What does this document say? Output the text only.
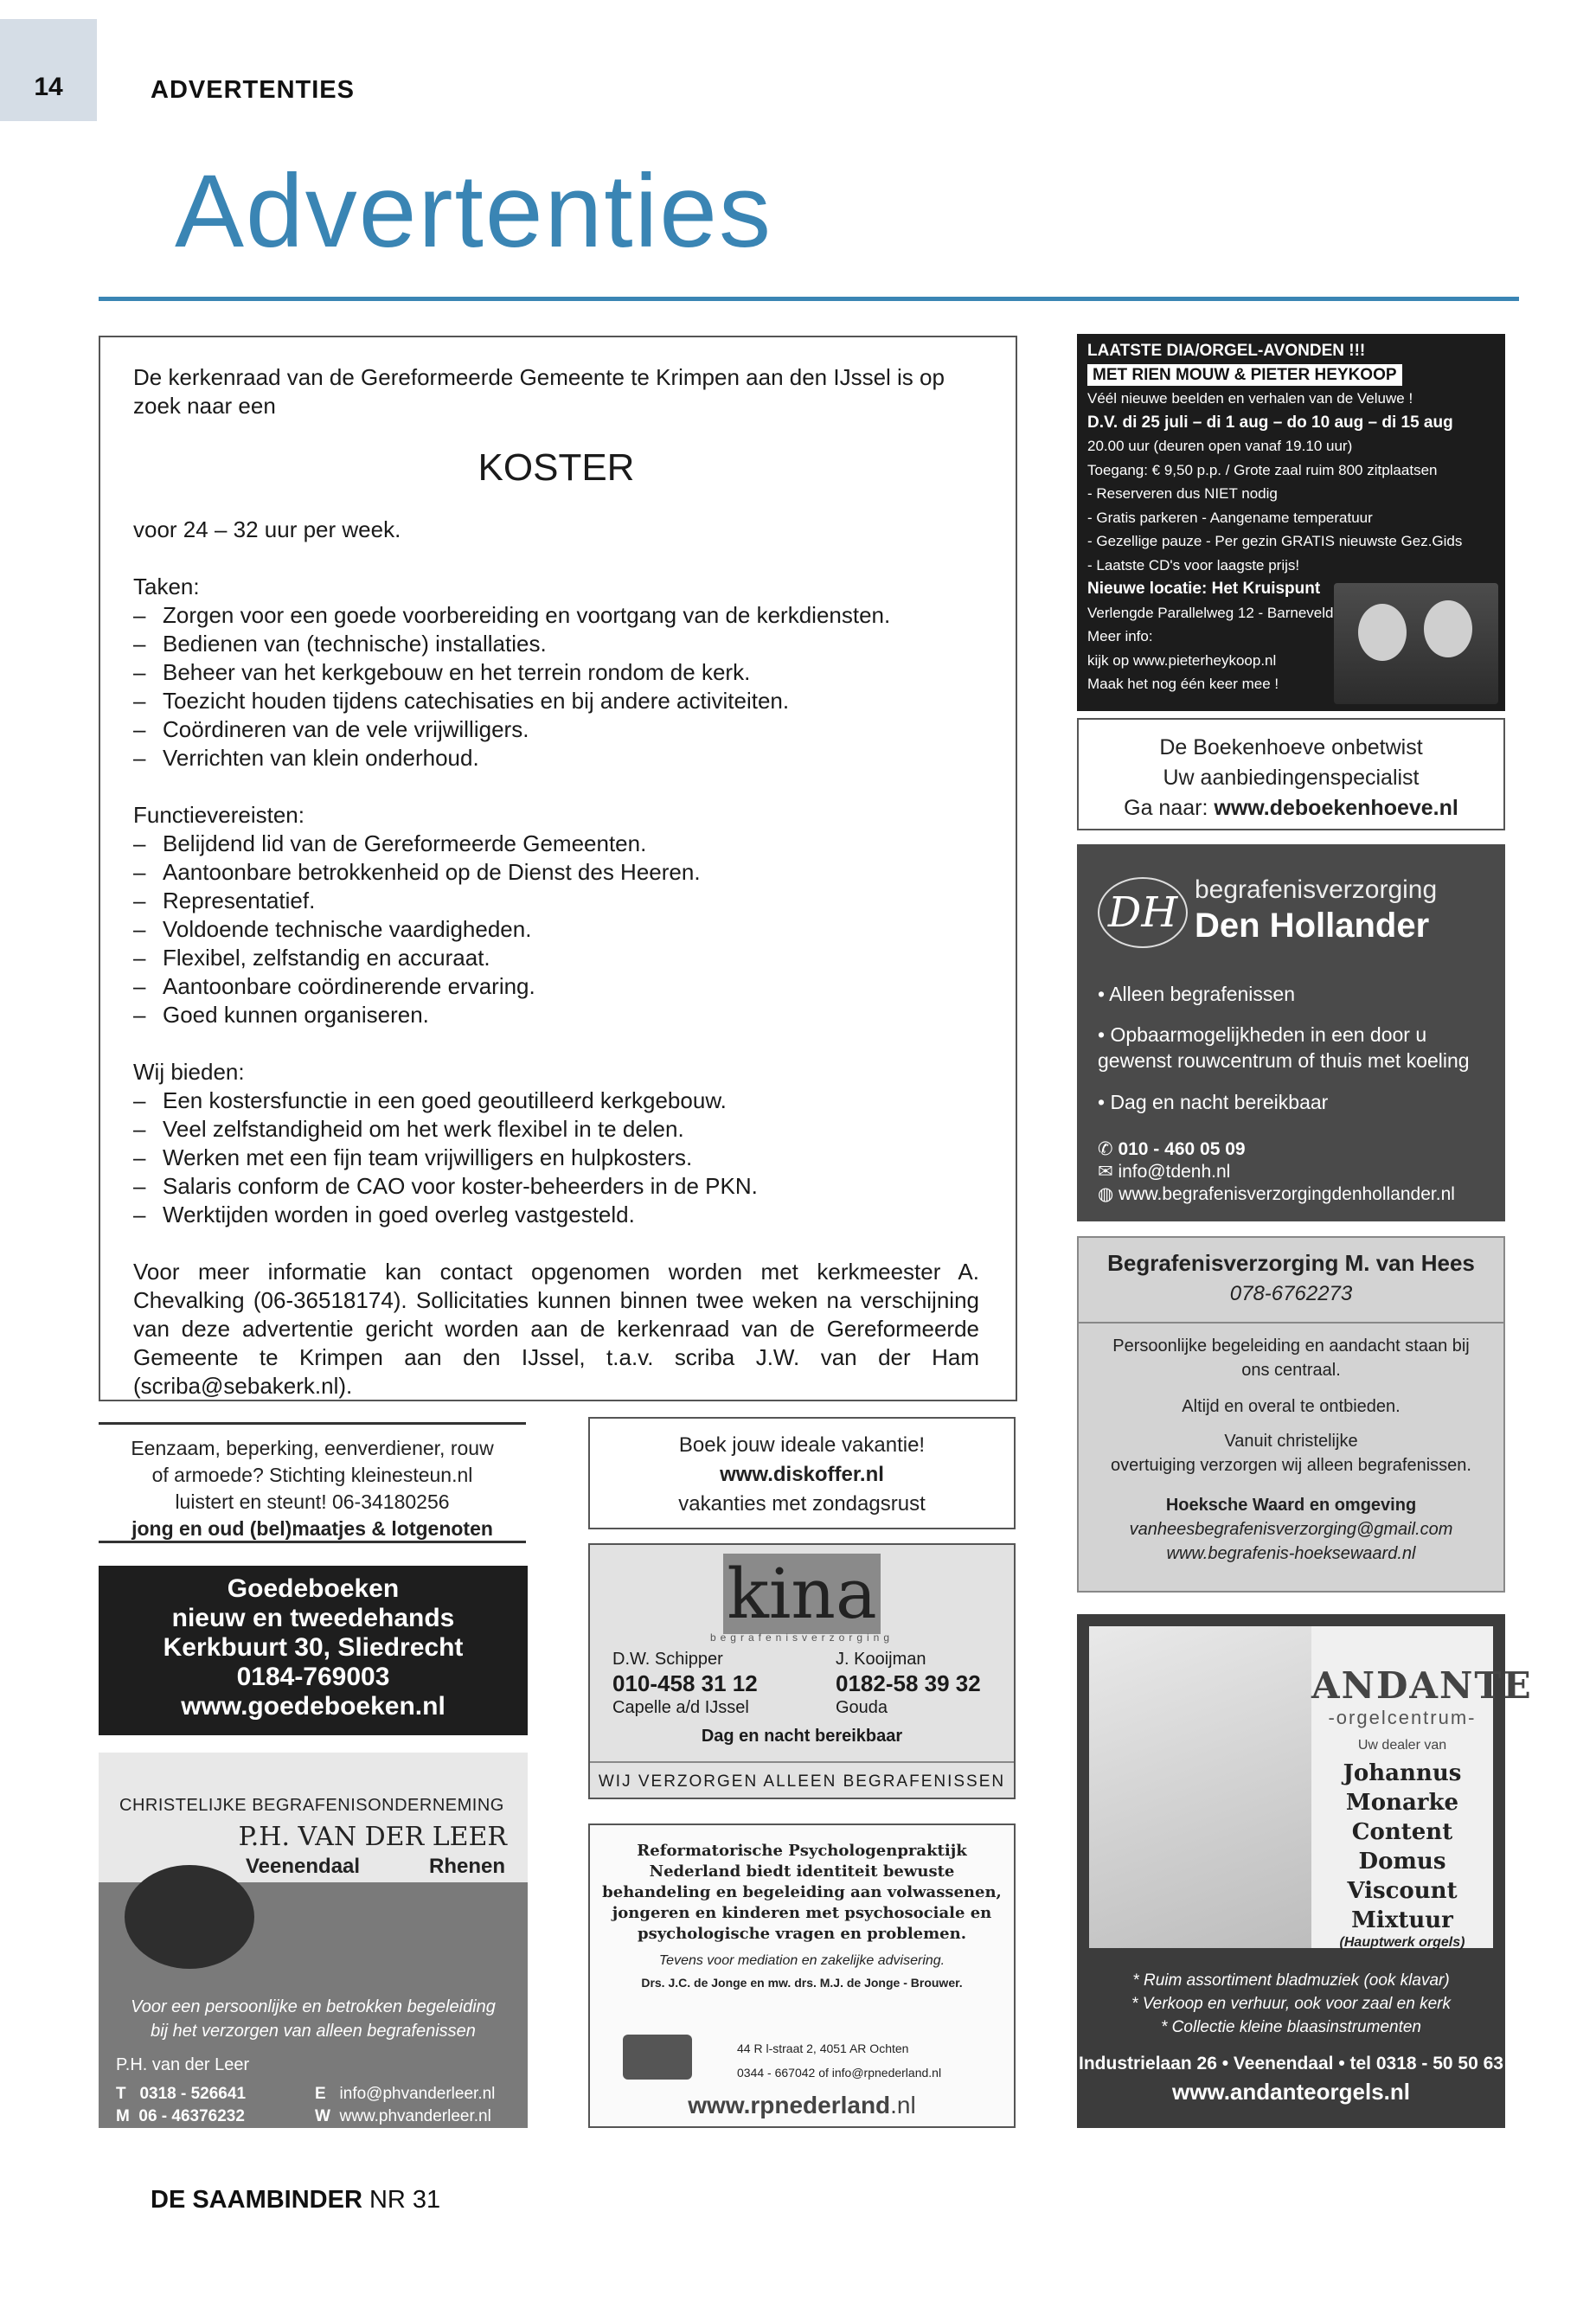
14	ADVERTENTIES
Advertenties

De kerkenraad van de Gereformeerde Gemeente te Krimpen aan den IJssel is op zoek naar een

KOSTER

voor 24 – 32 uur per week.

Taken:

– Zorgen voor een goede voorbereiding en voortgang van de kerkdiensten.
– Bedienen van (technische) installaties.
– Beheer van het kerkgebouw en het terrein rondom de kerk.
– Toezicht houden tijdens catechisaties en bij andere activiteiten.
– Coördineren van de vele vrijwilligers.
– Verrichten van klein onderhoud.

Functievereisten:

– Belijdend lid van de Gereformeerde Gemeenten.
– Aantoonbare betrokkenheid op de Dienst des Heeren.
– Representatief.
– Voldoende technische vaardigheden.
– Flexibel, zelfstandig en accuraat.
– Aantoonbare coördinerende ervaring.
– Goed kunnen organiseren.

Wij bieden:

– Een kostersfunctie in een goed geoutilleerd kerkgebouw.
– Veel zelfstandigheid om het werk flexibel in te delen.
– Werken met een fijn team vrijwilligers en hulpkosters.
– Salaris conform de CAO voor koster-beheerders in de PKN.
– Werktijden worden in goed overleg vastgesteld.

Voor meer informatie kan contact opgenomen worden met kerkmeester A. Chevalking (06-36518174). Sollicitaties kunnen binnen twee weken na verschijning van deze advertentie gericht worden aan de kerkenraad van de Gereformeerde Gemeente te Krimpen aan den IJssel, t.a.v. scriba J.W. van der Ham (scriba@sebakerk.nl).

LAATSTE DIA/ORGEL-AVONDEN !!!
MET RIEN MOUW & PIETER HEYKOOP
Véél nieuwe beelden en verhalen van de Veluwe !
D.V. di 25 juli – di 1 aug – do 10 aug – di 15 aug
20.00 uur (deuren open vanaf 19.10 uur)
Toegang: € 9,50 p.p. / Grote zaal ruim 800 zitplaatsen
- Reserveren dus NIET nodig
- Gratis parkeren - Aangename temperatuur
- Gezellige pauze - Per gezin GRATIS nieuwste Gez.Gids
- Laatste CD's voor laagste prijs!
Nieuwe locatie: Het Kruispunt
Verlengde Parallelweg 12 - Barneveld
Meer info:
kijk op www.pieterheykoop.nl
Maak het nog één keer mee !
De Boekenhoeve onbetwist
Uw aanbiedingenspecialist
Ga naar: www.deboekenhoeve.nl
DH begrafenisverzorging
Den Hollander
• Alleen begrafenissen
• Opbaarmogelijkheden in een door u gewenst rouwcentrum of thuis met koeling
• Dag en nacht bereikbaar
✆ 010 - 460 05 09
✉ info@tdenh.nl
◍ www.begrafenisverzorgingdenhollander.nl
Begrafenisverzorging M. van Hees
078-6762273
Persoonlijke begeleiding en aandacht staan bij
ons centraal.
Altijd en overal te ontbieden.
Vanuit christelijke
overtuiging verzorgen wij alleen begrafenissen.
Hoeksche Waard en omgeving
vanheesbegrafenisverzorging@gmail.com
www.begrafenis-hoeksewaard.nl
ANDANTE
-orgelcentrum-
Uw dealer van
Johannus
Monarke
Content
Domus
Viscount
Mixtuur
(Hauptwerk orgels)
* Ruim assortiment bladmuziek (ook klavar)
* Verkoop en verhuur, ook voor zaal en kerk
* Collectie kleine blaasinstrumenten
Industrielaan 26 • Veenendaal • tel 0318 - 50 50 63
www.andanteorgels.nl
Eenzaam, beperking, eenverdiener, rouw
of armoede? Stichting kleinesteun.nl
luistert en steunt! 06-34180256
jong en oud (bel)maatjes & lotgenoten
Goedeboeken
nieuw en tweedehands
Kerkbuurt 30, Sliedrecht
0184-769003
www.goedeboeken.nl
CHRISTELIJKE BEGRAFENISONDERNEMING
P.H. VAN DER LEER
Veenendaal	Rhenen
Voor een persoonlijke en betrokken begeleiding
bij het verzorgen van alleen begrafenissen
P.H. van der Leer
T 0318 - 526641
M 06 - 46376232
E info@phvanderleer.nl
W www.phvanderleer.nl
Boek jouw ideale vakantie!
www.diskoffer.nl
vakanties met zondagsrust
kina
begrafenisverzorging
D.W. Schipper
010-458 31 12
Capelle a/d IJssel
J. Kooijman
0182-58 39 32
Gouda
Dag en nacht bereikbaar
WIJ VERZORGEN ALLEEN BEGRAFENISSEN
Reformatorische Psychologenpraktijk
Nederland biedt identiteit bewuste
behandeling en begeleiding aan volwassenen,
jongeren en kinderen met psychosociale en
psychologische vragen en problemen.
Tevens voor mediation en zakelijke advisering.
Drs. J.C. de Jonge en mw. drs. M.J. de Jonge - Brouwer.
44 R l-straat 2, 4051 AR Ochten
0344 - 667042 of info@rpnederland.nl
www.rpnederland.nl
DE SAAMBINDER NR 31
